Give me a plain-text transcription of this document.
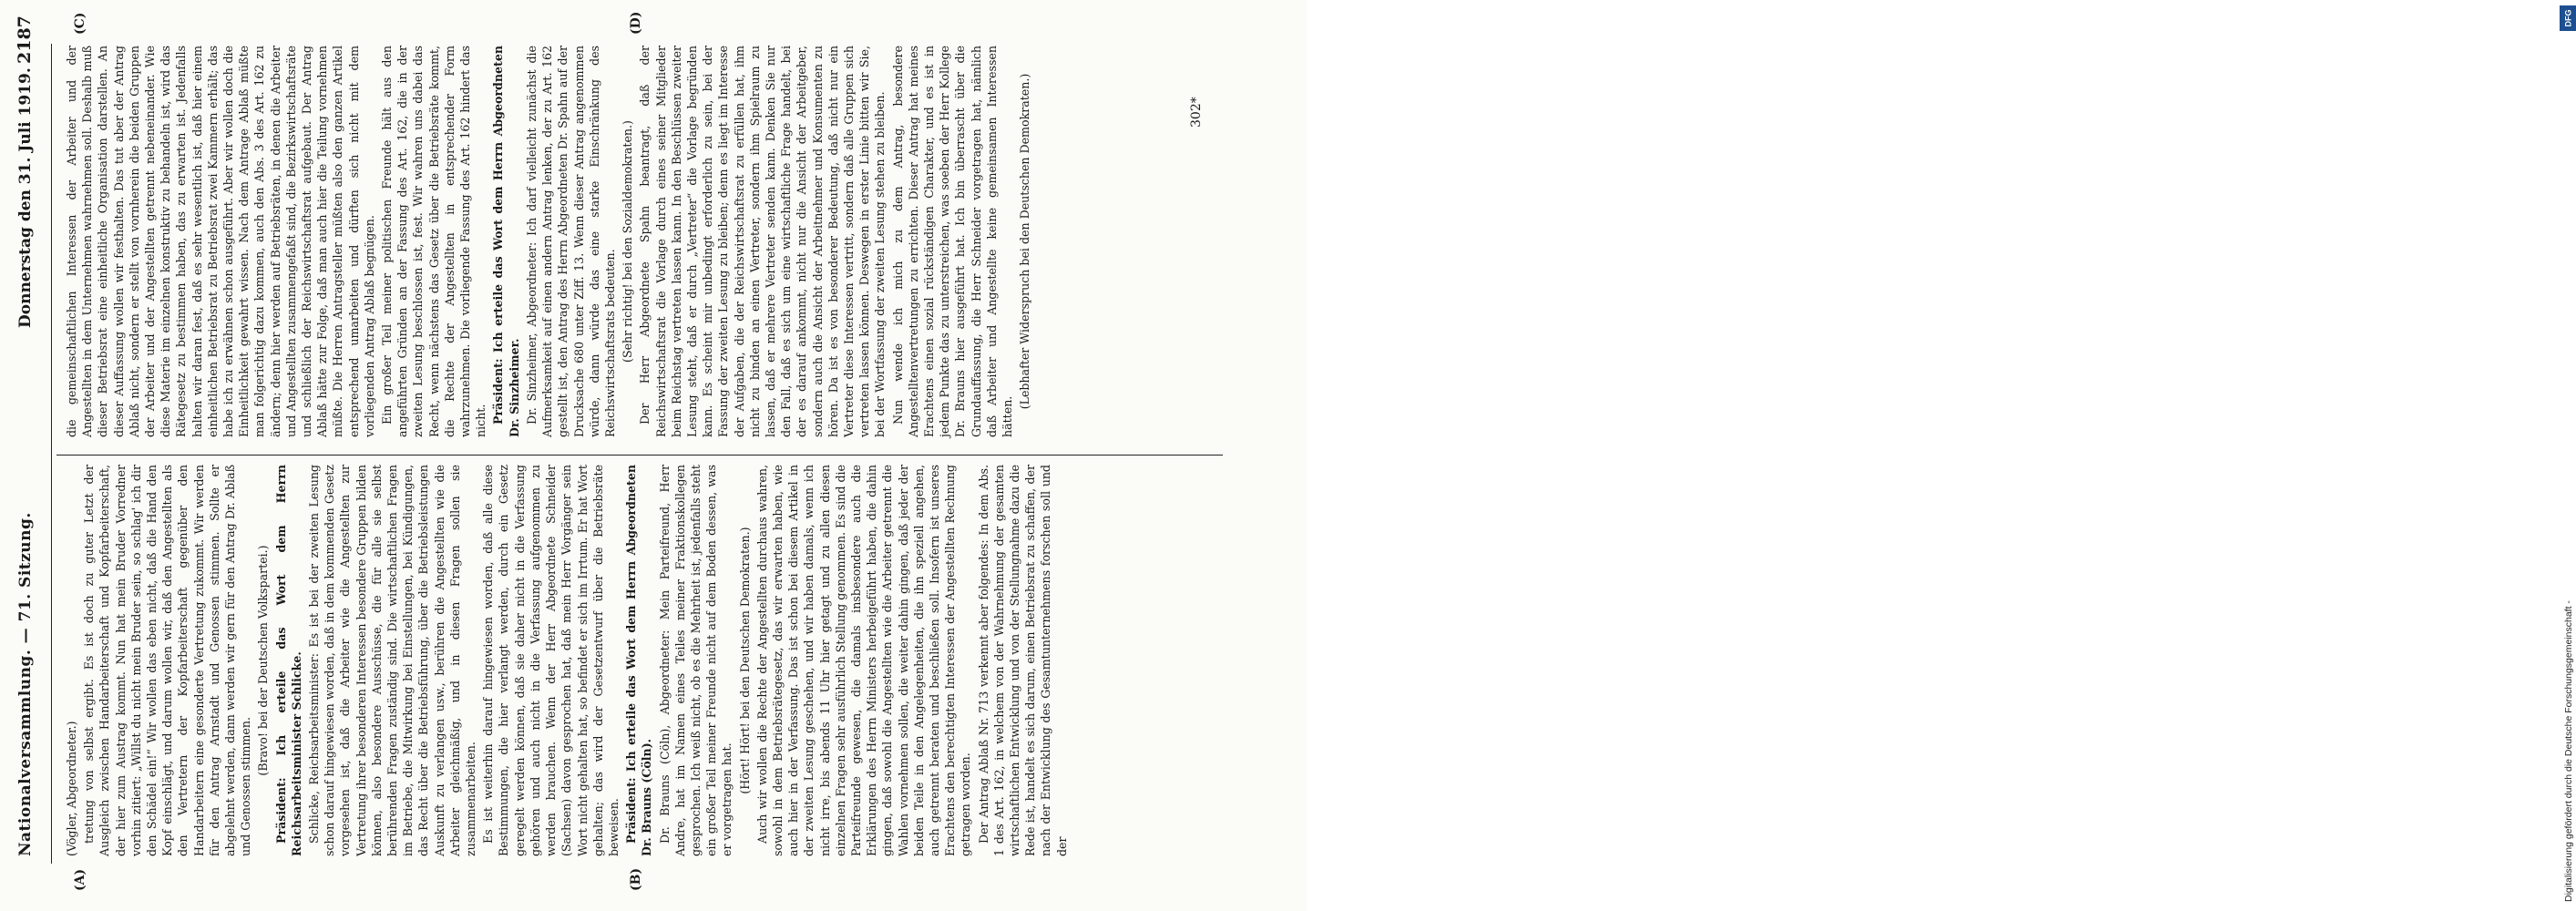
Nationalversammlung. — 71. Sitzung.
Donnerstag den 31. Juli 1919.
2187
(A)	(B)
(C)	(D)

(Vögler, Abgeordneter.) tretung von selbst ergibt. Es ist doch zu guter Letzt der Ausgleich zwischen Handarbeiterschaft und Kopfarbeiterschaft, der hier zum Austrag kommt. Nun hat mein Bruder Vorredner vorhin zitiert: „Willst du nicht mein Bruder sein, so schlag' ich dir den Schädel ein!“ Wir wollen das eben nicht, daß die Hand den Kopf einschlägt, und darum wollen wir, daß den Angestellten als den Vertretern der Kopfarbeiterschaft gegenüber den Handarbeitern eine gesonderte Vertretung zukommt. Wir werden für den Antrag Arnstadt und Genossen stimmen. Sollte er abgelehnt werden, dann werden wir gern für den Antrag Dr. Ablaß und Genossen stimmen.

(Bravo! bei der Deutschen Volkspartei.) Präsident: Ich erteile das Wort dem Herrn Reichsarbeitsminister Schlicke. Schlicke, Reichsarbeitsminister: Es ist bei der zweiten Lesung schon darauf hingewiesen worden, daß in dem kommenden Gesetz vorgesehen ist, daß die Arbeiter wie die Angestellten zur Vertretung ihrer besonderen Interessen besondere Gruppen bilden können, also besondere Ausschüsse, die für alle sie selbst berührenden Fragen zuständig sind. Die wirtschaftlichen Fragen im Betriebe, die Mitwirkung bei Einstellungen, bei Kündigungen, das Recht über die Betriebsführung, über die Betriebsleistungen Auskunft zu verlangen usw., berühren die Angestellten wie die Arbeiter gleichmäßig, und in diesen Fragen sollen sie zusammenarbeiten. Es ist weiterhin darauf hingewiesen worden, daß alle diese Bestimmungen, die hier verlangt werden, durch ein Gesetz geregelt werden können, daß sie daher nicht in die Verfassung gehören und auch nicht in die Verfassung aufgenommen zu werden brauchen. Wenn der Herr Abgeordnete Schneider (Sachsen) davon gesprochen hat, daß mein Herr Vorgänger sein Wort nicht gehalten hat, so befindet er sich im Irrtum. Er hat Wort gehalten; das wird der Gesetzentwurf über die Betriebsräte beweisen. Präsident: Ich erteile das Wort dem Herrn Abgeordneten Dr. Brauns (Cöln). Dr. Brauns (Cöln), Abgeordneter: Mein Parteifreund, Herr Andre, hat im Namen eines Teiles meiner Fraktionskollegen gesprochen. Ich weiß nicht, ob es die Mehrheit ist, jedenfalls steht ein großer Teil meiner Freunde nicht auf dem Boden dessen, was er vorgetragen hat.

(Hört! Hört! bei den Deutschen Demokraten.) Auch wir wollen die Rechte der Angestellten durchaus wahren, sowohl in dem Betriebsrätegesetz, das wir erwarten haben, wie auch hier in der Verfassung. Das ist schon bei diesem Artikel in der zweiten Lesung geschehen, und wir haben damals, wenn ich nicht irre, bis abends 11 Uhr hier getagt und zu allen diesen einzelnen Fragen sehr ausführlich Stellung genommen. Es sind die Parteifreunde gewesen, die damals insbesondere auch die Erklärungen des Herrn Ministers herbeigeführt haben, die dahin gingen, daß sowohl die Angestellten wie die Arbeiter getrennt die Wahlen vornehmen sollen, die weiter dahin gingen, daß jeder der beiden Teile in den Angelegenheiten, die ihn speziell angehen, auch getrennt beraten und beschließen soll. Insofern ist unseres Erachtens den berechtigten Interessen der Angestellten Rechnung getragen worden. Der Antrag Ablaß Nr. 713 verkennt aber folgendes: In dem Abs. 1 des Art. 162, in welchem von der Wahrnehmung der gesamten wirtschaftlichen Entwicklung und von der Stellungnahme dazu die Rede ist, handelt es sich darum, einen Betriebsrat zu schaffen, der nach der Entwicklung des Gesamtunternehmens forschen soll und der

die gemeinschaftlichen Interessen der Arbeiter und der Angestellten in dem Unternehmen wahrnehmen soll. Deshalb muß dieser Betriebsrat eine einheitliche Organisation darstellen. An dieser Auffassung wollen wir festhalten. Das tut aber der Antrag Ablaß nicht, sondern er stellt von vornherein die beiden Gruppen der Arbeiter und der Angestellten getrennt nebeneinander. Wie diese Materie im einzelnen konstruktiv zu behandeln ist, wird das Rätegesetz zu bestimmen haben, das zu erwarten ist. Jedenfalls halten wir daran fest, daß es sehr wesentlich ist, daß hier einem einheitlichen Betriebsrat zu Betriebsrat zwei Kammern erhält; das habe ich zu erwähnen schon ausgeführt. Aber wir wollen doch die Einheitlichkeit gewahrt wissen. Nach dem Antrage Ablaß müßte man folgerichtig dazu kommen, auch den Abs. 3 des Art. 162 zu ändern; denn hier werden auf Betriebsräten, in denen die Arbeiter und Angestellten zusammengefaßt sind, die Bezirkswirtschaftsräte und schließlich der Reichswirtschaftsrat aufgebaut. Der Antrag Ablaß hätte zur Folge, daß man auch hier die Teilung vornehmen müßte. Die Herren Antragsteller müßten also den ganzen Artikel entsprechend umarbeiten und dürften sich nicht mit dem vorliegenden Antrag Ablaß begnügen. Ein großer Teil meiner politischen Freunde hält aus den angeführten Gründen an der Fassung des Art. 162, die in der zweiten Lesung beschlossen ist, fest. Wir wahren uns dabei das Recht, wenn nächstens das Gesetz über die Betriebsräte kommt, die Rechte der Angestellten in entsprechender Form wahrzunehmen. Die vorliegende Fassung des Art. 162 hindert das nicht. Präsident: Ich erteile das Wort dem Herrn Abgeordneten Dr. Sinzheimer. Dr. Sinzheimer, Abgeordneter: Ich darf vielleicht zunächst die Aufmerksamkeit auf einen andern Antrag lenken, der zu Art. 162 gestellt ist, den Antrag des Herrn Abgeordneten Dr. Spahn auf der Drucksache 680 unter Ziff. 13. Wenn dieser Antrag angenommen würde, dann würde das eine starke Einschränkung des Reichswirtschaftsrats bedeuten. (Sehr richtig! bei den Sozialdemokraten.) Der Herr Abgeordnete Spahn beantragt, daß der Reichswirtschaftsrat die Vorlage durch eines seiner Mitglieder beim Reichstag vertreten lassen kann. In den Beschlüssen zweiter Lesung steht, daß er durch „Vertreter“ die Vorlage begründen kann. Es scheint mir unbedingt erforderlich zu sein, bei der Fassung der zweiten Lesung zu bleiben; denn es liegt im Interesse der Aufgaben, die der Reichswirtschaftsrat zu erfüllen hat, ihm nicht zu binden an einen Vertreter, sondern ihm Spielraum zu lassen, daß er mehrere Vertreter senden kann. Denken Sie nur den Fall, daß es sich um eine wirtschaftliche Frage handelt, bei der es darauf ankommt, nicht nur die Ansicht der Arbeitgeber, sondern auch die Ansicht der Arbeitnehmer und Konsumenten zu hören. Da ist es von besonderer Bedeutung, daß nicht nur ein Vertreter diese Interessen vertritt, sondern daß alle Gruppen sich vertreten lassen können. Deswegen in erster Linie bitten wir Sie, bei der Wortfassung der zweiten Lesung stehen zu bleiben. Nun wende ich mich zu dem Antrag, besondere Angestelltenvertretungen zu errichten. Dieser Antrag hat meines Erachtens einen sozial rückständigen Charakter, und es ist in jedem Punkte das zu unterstreichen, was soeben der Herr Kollege Dr. Brauns hier ausgeführt hat. Ich bin überrascht über die Grundauffassung, die Herr Schneider vorgetragen hat, nämlich daß Arbeiter und Angestellte keine gemeinsamen Interessen hätten.

(Lebhafter Widerspruch bei den Deutschen Demokraten.)	302*
DFG
Digitalisierung gefördert durch die Deutsche Forschungsgemeinschaft -
